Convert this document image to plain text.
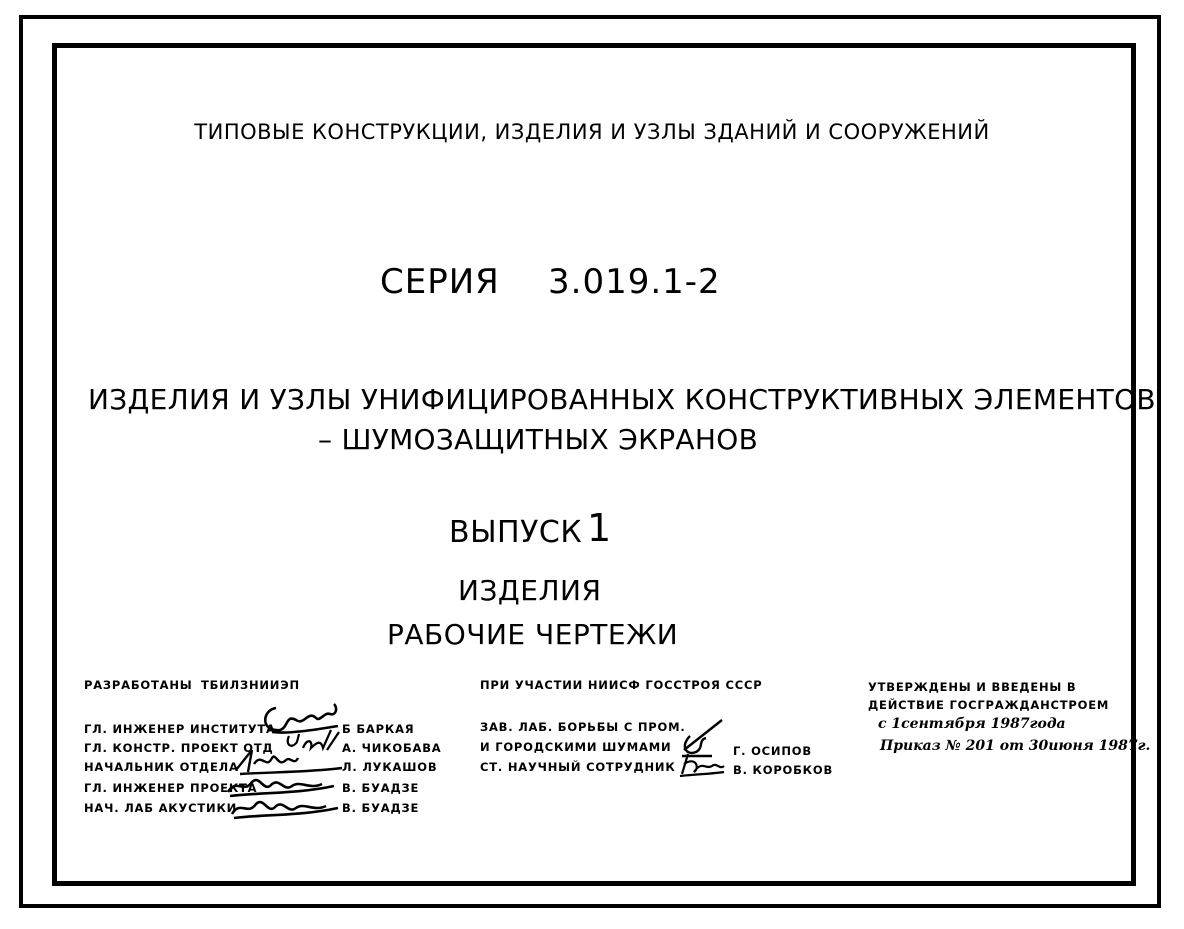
ТИПОВЫЕ КОНСТРУКЦИИ, ИЗДЕЛИЯ И УЗЛЫ ЗДАНИЙ И СООРУЖЕНИЙ
СЕРИЯ 3.019.1-2
ИЗДЕЛИЯ И УЗЛЫ УНИФИЦИРОВАННЫХ КОНСТРУКТИВНЫХ ЭЛЕМЕНТОВ
– ШУМОЗАЩИТНЫХ ЭКРАНОВ
ВЫПУСК 1
ИЗДЕЛИЯ
РАБОЧИЕ ЧЕРТЕЖИ
РАЗРАБОТАНЫ ТБИЛЗНИИЭП
ГЛ. ИНЖЕНЕР ИНСТИТУТА	Б БАРКАЯ
ГЛ. КОНСТР. ПРОЕКТ ОТД	А. ЧИКОБАВА
НАЧАЛЬНИК ОТДЕЛА	Л. ЛУКАШОВ
ГЛ. ИНЖЕНЕР ПРОЕКТА	В. БУАДЗЕ
НАЧ. ЛАБ АКУСТИКИ	В. БУАДЗЕ
ПРИ УЧАСТИИ НИИСФ ГОССТРОЯ СССР
ЗАВ. ЛАБ. БОРЬБЫ С ПРОМ.
И ГОРОДСКИМИ ШУМАМИ	Г. ОСИПОВ
СТ. НАУЧНЫЙ СОТРУДНИК	В. КОРОБКОВ
УТВЕРЖДЕНЫ И ВВЕДЕНЫ В
ДЕЙСТВИЕ ГОСГРАЖДАНСТРОЕМ
с 1сентября 1987года
Приказ № 201 от 30июня 1987г.
